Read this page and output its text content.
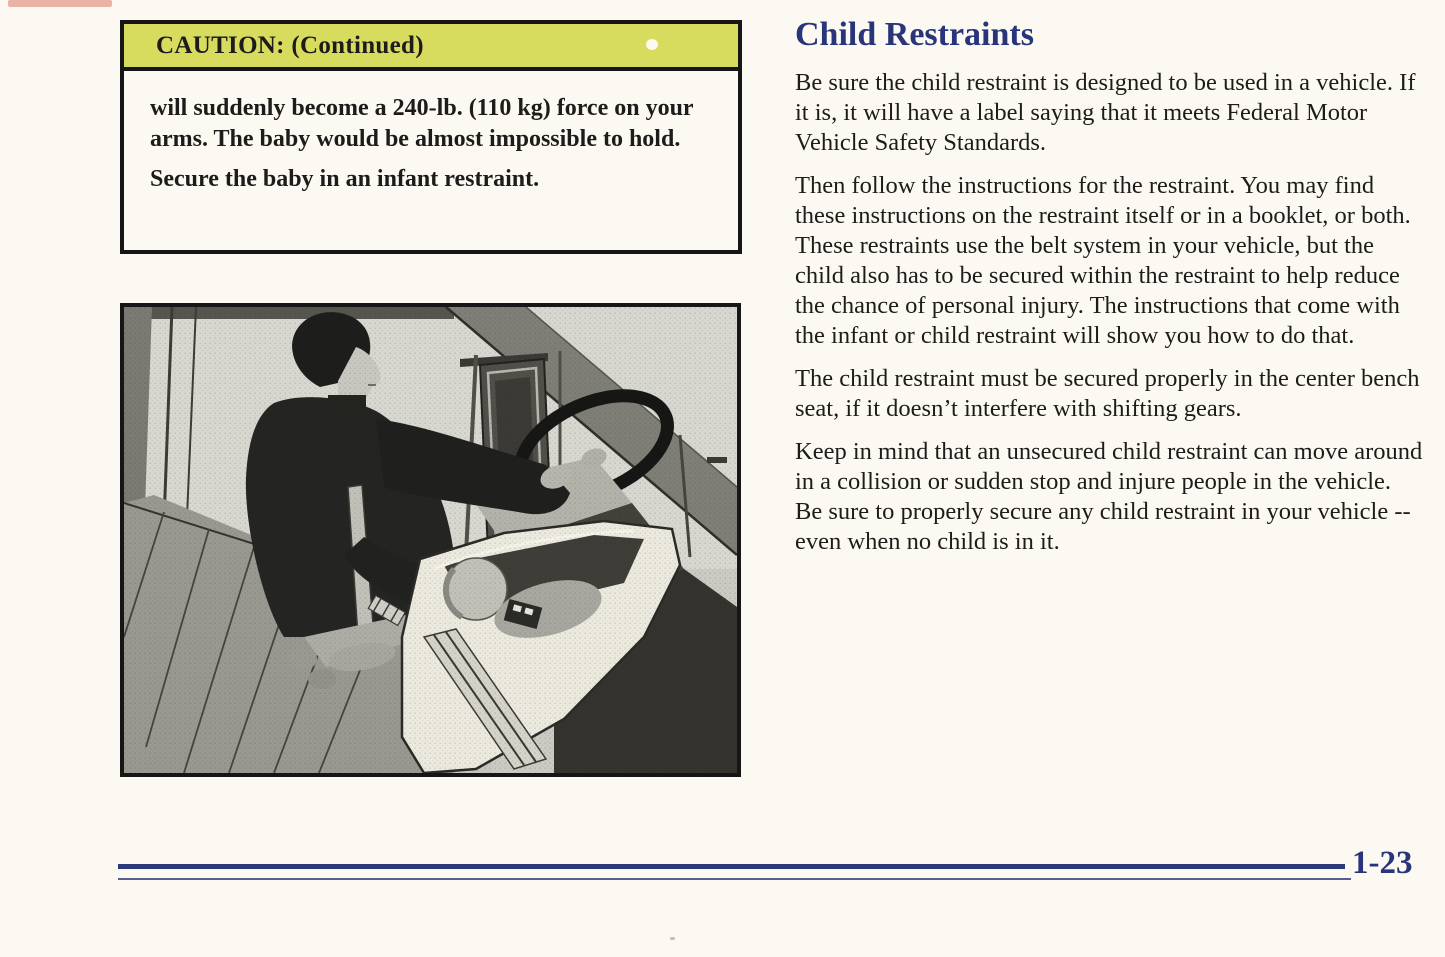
CAUTION: (Continued)

will suddenly become a 240-lb. (110 kg) force on your arms. The baby would be almost impossible to hold.

Secure the baby in an infant restraint.

Child Restraints

Be sure the child restraint is designed to be used in a vehicle. If it is, it will have a label saying that it meets Federal Motor Vehicle Safety Standards.

Then follow the instructions for the restraint. You may find these instructions on the restraint itself or in a booklet, or both. These restraints use the belt system in your vehicle, but the child also has to be secured within the restraint to help reduce the chance of personal injury. The instructions that come with the infant or child restraint will show you how to do that.

The child restraint must be secured properly in the center bench seat, if it doesn’t interfere with shifting gears.

Keep in mind that an unsecured child restraint can move around in a collision or sudden stop and injure people in the vehicle. Be sure to properly secure any child restraint in your vehicle -- even when no child is in it.

1-23
